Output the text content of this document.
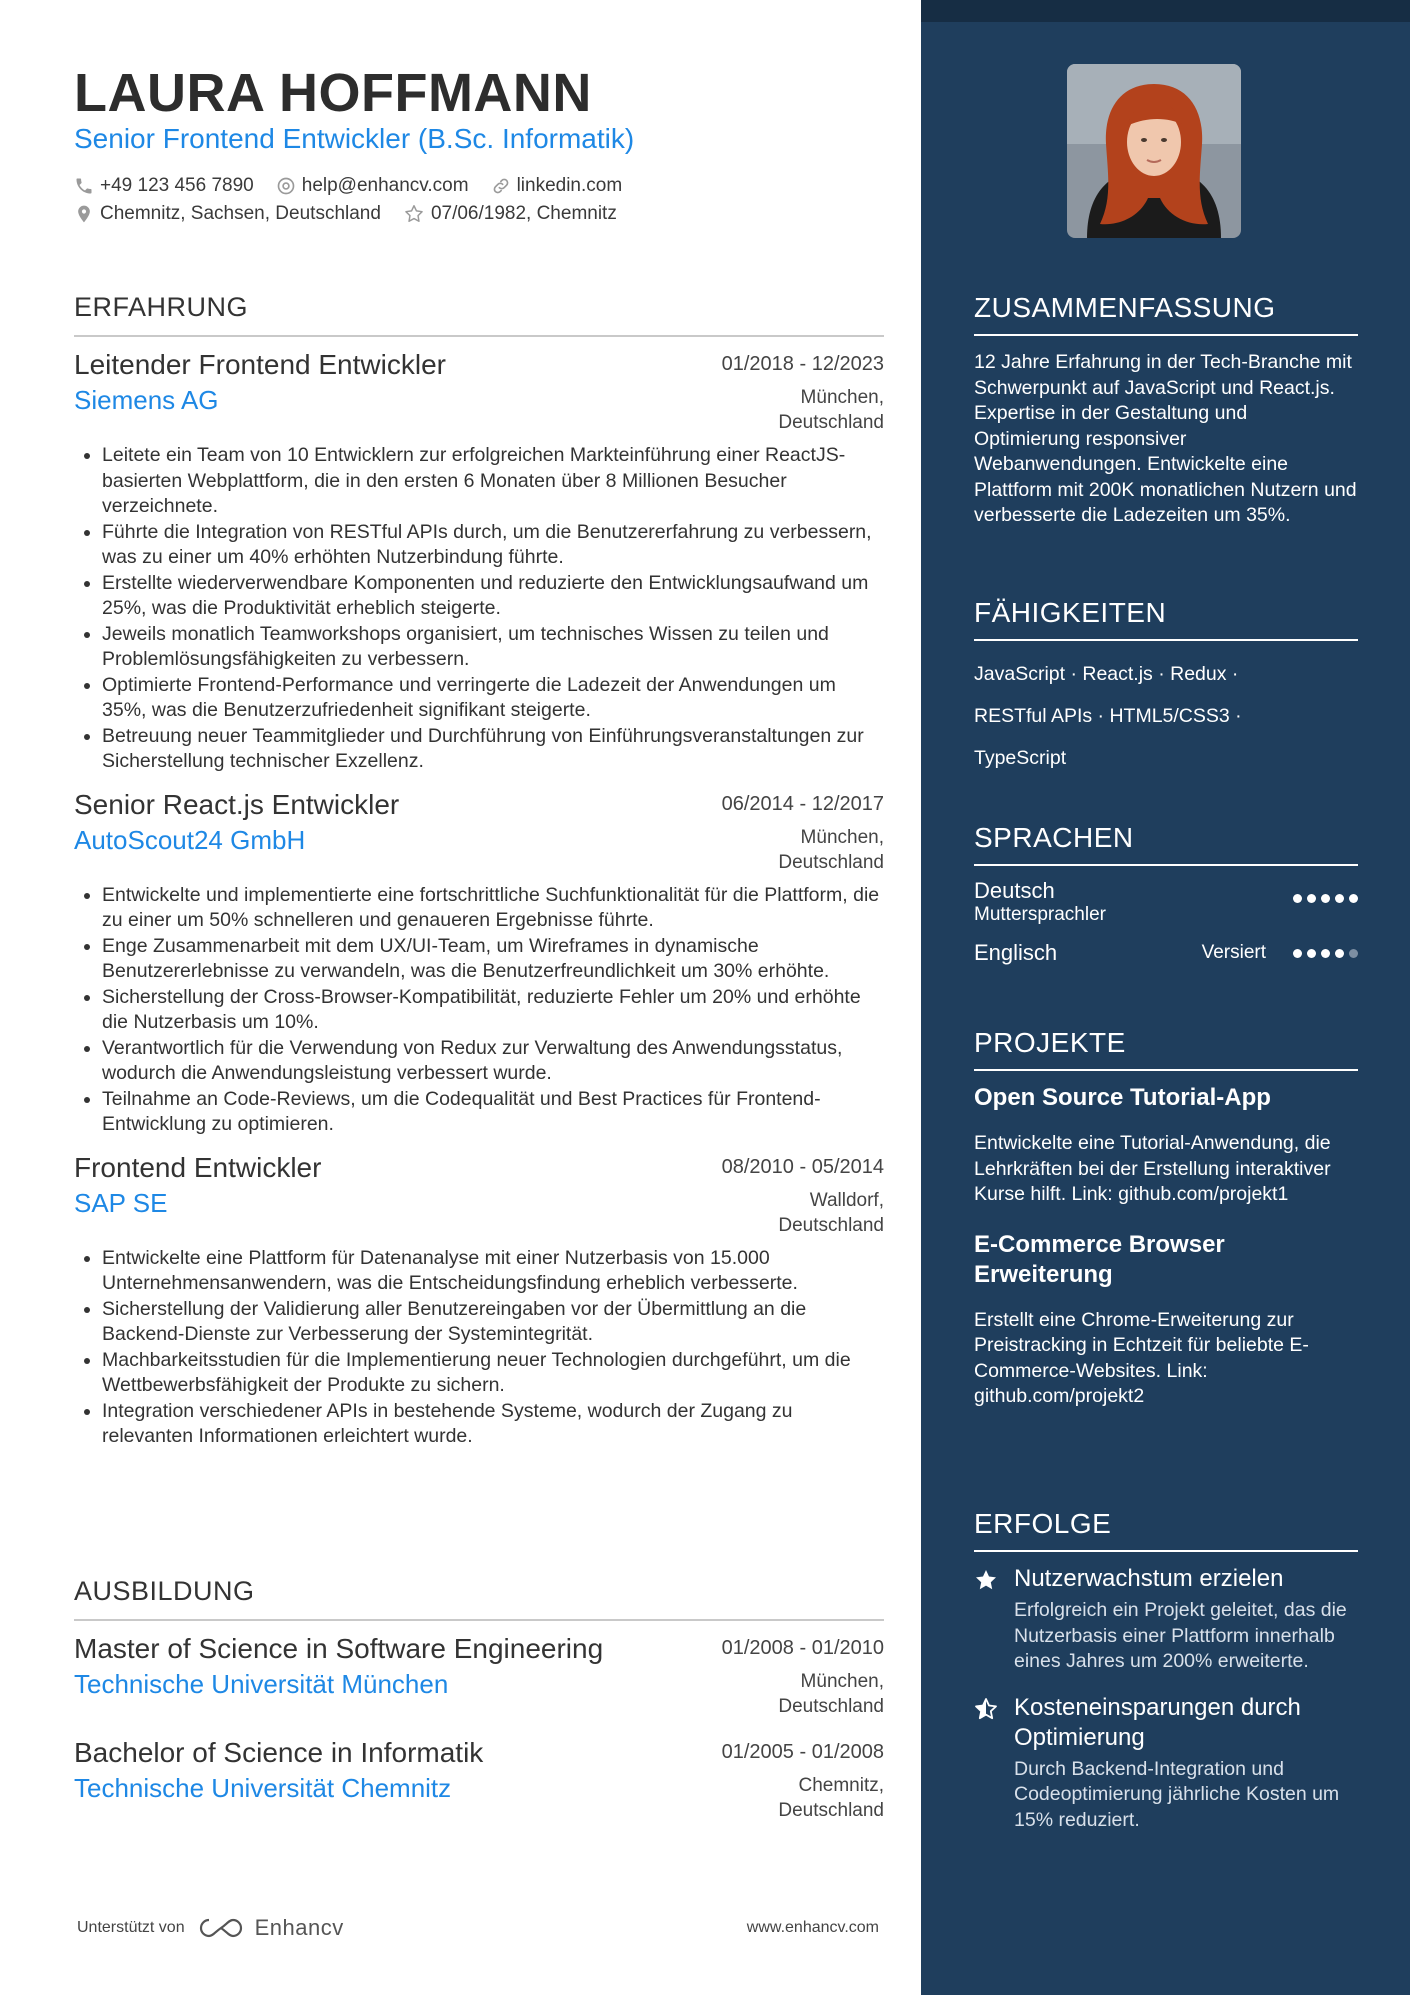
LAURA HOFFMANN
Senior Frontend Entwickler (B.Sc. Informatik)
+49 123 456 7890	help@enhancv.com	linkedin.com
Chemnitz, Sachsen, Deutschland	07/06/1982, Chemnitz
ERFAHRUNG
Leitender Frontend Entwickler	01/2018 - 12/2023
Siemens AG	München,
Deutschland
• Leitete ein Team von 10 Entwicklern zur erfolgreichen Markteinführung einer ReactJS-basierten Webplattform, die in den ersten 6 Monaten über 8 Millionen Besucher verzeichnete.
• Führte die Integration von RESTful APIs durch, um die Benutzererfahrung zu verbessern, was zu einer um 40% erhöhten Nutzerbindung führte.
• Erstellte wiederverwendbare Komponenten und reduzierte den Entwicklungsaufwand um 25%, was die Produktivität erheblich steigerte.
• Jeweils monatlich Teamworkshops organisiert, um technisches Wissen zu teilen und Problemlösungsfähigkeiten zu verbessern.
• Optimierte Frontend-Performance und verringerte die Ladezeit der Anwendungen um 35%, was die Benutzerzufriedenheit signifikant steigerte.
• Betreuung neuer Teammitglieder und Durchführung von Einführungsveranstaltungen zur Sicherstellung technischer Exzellenz.
Senior React.js Entwickler	06/2014 - 12/2017
AutoScout24 GmbH	München,
Deutschland
• Entwickelte und implementierte eine fortschrittliche Suchfunktionalität für die Plattform, die zu einer um 50% schnelleren und genaueren Ergebnisse führte.
• Enge Zusammenarbeit mit dem UX/UI-Team, um Wireframes in dynamische Benutzererlebnisse zu verwandeln, was die Benutzerfreundlichkeit um 30% erhöhte.
• Sicherstellung der Cross-Browser-Kompatibilität, reduzierte Fehler um 20% und erhöhte die Nutzerbasis um 10%.
• Verantwortlich für die Verwendung von Redux zur Verwaltung des Anwendungsstatus, wodurch die Anwendungsleistung verbessert wurde.
• Teilnahme an Code-Reviews, um die Codequalität und Best Practices für Frontend-Entwicklung zu optimieren.
Frontend Entwickler	08/2010 - 05/2014
SAP SE	Walldorf,
Deutschland
• Entwickelte eine Plattform für Datenanalyse mit einer Nutzerbasis von 15.000 Unternehmensanwendern, was die Entscheidungsfindung erheblich verbesserte.
• Sicherstellung der Validierung aller Benutzereingaben vor der Übermittlung an die Backend-Dienste zur Verbesserung der Systemintegrität.
• Machbarkeitsstudien für die Implementierung neuer Technologien durchgeführt, um die Wettbewerbsfähigkeit der Produkte zu sichern.
• Integration verschiedener APIs in bestehende Systeme, wodurch der Zugang zu relevanten Informationen erleichtert wurde.
AUSBILDUNG
Master of Science in Software Engineering	01/2008 - 01/2010
Technische Universität München	München,
Deutschland
Bachelor of Science in Informatik	01/2005 - 01/2008
Technische Universität Chemnitz	Chemnitz,
Deutschland
Unterstützt von	Enhancv	www.enhancv.com
ZUSAMMENFASSUNG
12 Jahre Erfahrung in der Tech-Branche mit Schwerpunkt auf JavaScript und React.js. Expertise in der Gestaltung und Optimierung responsiver Webanwendungen. Entwickelte eine Plattform mit 200K monatlichen Nutzern und verbesserte die Ladezeiten um 35%.
FÄHIGKEITEN
JavaScript · React.js · Redux ·
RESTful APIs · HTML5/CSS3 ·
TypeScript
SPRACHEN
Deutsch
Muttersprachler
Englisch	Versiert
PROJEKTE
Open Source Tutorial-App
Entwickelte eine Tutorial-Anwendung, die Lehrkräften bei der Erstellung interaktiver Kurse hilft. Link: github.com/projekt1
E-Commerce Browser Erweiterung
Erstellt eine Chrome-Erweiterung zur Preistracking in Echtzeit für beliebte E-Commerce-Websites. Link: github.com/projekt2
ERFOLGE
Nutzerwachstum erzielen
Erfolgreich ein Projekt geleitet, das die Nutzerbasis einer Plattform innerhalb eines Jahres um 200% erweiterte.
Kosteneinsparungen durch Optimierung
Durch Backend-Integration und Codeoptimierung jährliche Kosten um 15% reduziert.
